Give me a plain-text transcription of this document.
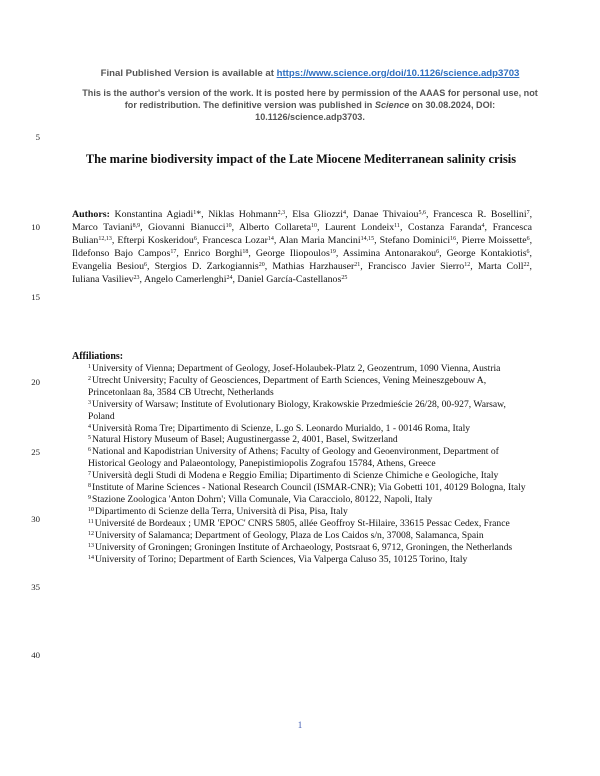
Final Published Version is available at https://www.science.org/doi/10.1126/science.adp3703
This is the author's version of the work. It is posted here by permission of the AAAS for personal use, not for redistribution. The definitive version was published in Science on 30.08.2024, DOI: 10.1126/science.adp3703.
The marine biodiversity impact of the Late Miocene Mediterranean salinity crisis
5
10
15
20
25
30
35
40
Authors: Konstantina Agiadi$^1$*, Niklas Hohmann$^{2,3}$, Elsa Gliozzi$^4$, Danae Thivaiou$^{5,6}$, Francesca R. Bosellini$^7$, Marco Taviani$^{8,9}$, Giovanni Bianucci$^{10}$, Alberto Collareta$^{10}$, Laurent Londeix$^{11}$, Costanza Faranda$^4$, Francesca Bulian$^{12,13}$, Efterpi Koskeridou$^6$, Francesca Lozar$^{14}$, Alan Maria Mancini$^{14,15}$, Stefano Dominici$^{16}$, Pierre Moissette$^6$, Ildefonso Bajo Campos$^{17}$, Enrico Borghi$^{18}$, George Iliopoulos$^{19}$, Assimina Antonarakou$^6$, George Kontakiotis$^6$, Evangelia Besiou$^6$, Stergios D. Zarkogiannis$^{20}$, Mathias Harzhauser$^{21}$, Francisco Javier Sierro$^{12}$, Marta Coll$^{22}$, Iuliana Vasiliev$^{23}$, Angelo Camerlenghi$^{24}$, Daniel García-Castellanos$^{25}$
Affiliations:
$^1$University of Vienna; Department of Geology, Josef-Holaubek-Platz 2, Geozentrum, 1090 Vienna, Austria
$^2$Utrecht University; Faculty of Geosciences, Department of Earth Sciences, Vening Meineszgebouw A, Princetonlaan 8a, 3584 CB Utrecht, Netherlands
$^3$University of Warsaw; Institute of Evolutionary Biology, Krakowskie Przedmieście 26/28, 00-927, Warsaw, Poland
$^4$Università Roma Tre; Dipartimento di Scienze, L.go S. Leonardo Murialdo, 1 - 00146 Roma, Italy
$^5$Natural History Museum of Basel; Augustinergasse 2, 4001, Basel, Switzerland
$^6$National and Kapodistrian University of Athens; Faculty of Geology and Geoenvironment, Department of Historical Geology and Palaeontology, Panepistimiopolis Zografou 15784, Athens, Greece
$^7$Università degli Studi di Modena e Reggio Emilia; Dipartimento di Scienze Chimiche e Geologiche, Italy
$^8$Institute of Marine Sciences - National Research Council (ISMAR-CNR); Via Gobetti 101, 40129 Bologna, Italy
$^9$Stazione Zoologica 'Anton Dohrn'; Villa Comunale, Via Caracciolo, 80122, Napoli, Italy
$^{10}$Dipartimento di Scienze della Terra, Università di Pisa, Pisa, Italy
$^{11}$Université de Bordeaux ; UMR 'EPOC' CNRS 5805, allée Geoffroy St-Hilaire, 33615 Pessac Cedex, France
$^{12}$University of Salamanca; Department of Geology, Plaza de Los Caidos s/n, 37008, Salamanca, Spain
$^{13}$University of Groningen; Groningen Institute of Archaeology, Postsraat 6, 9712, Groningen, the Netherlands
$^{14}$University of Torino; Department of Earth Sciences, Via Valperga Caluso 35, 10125 Torino, Italy
1
